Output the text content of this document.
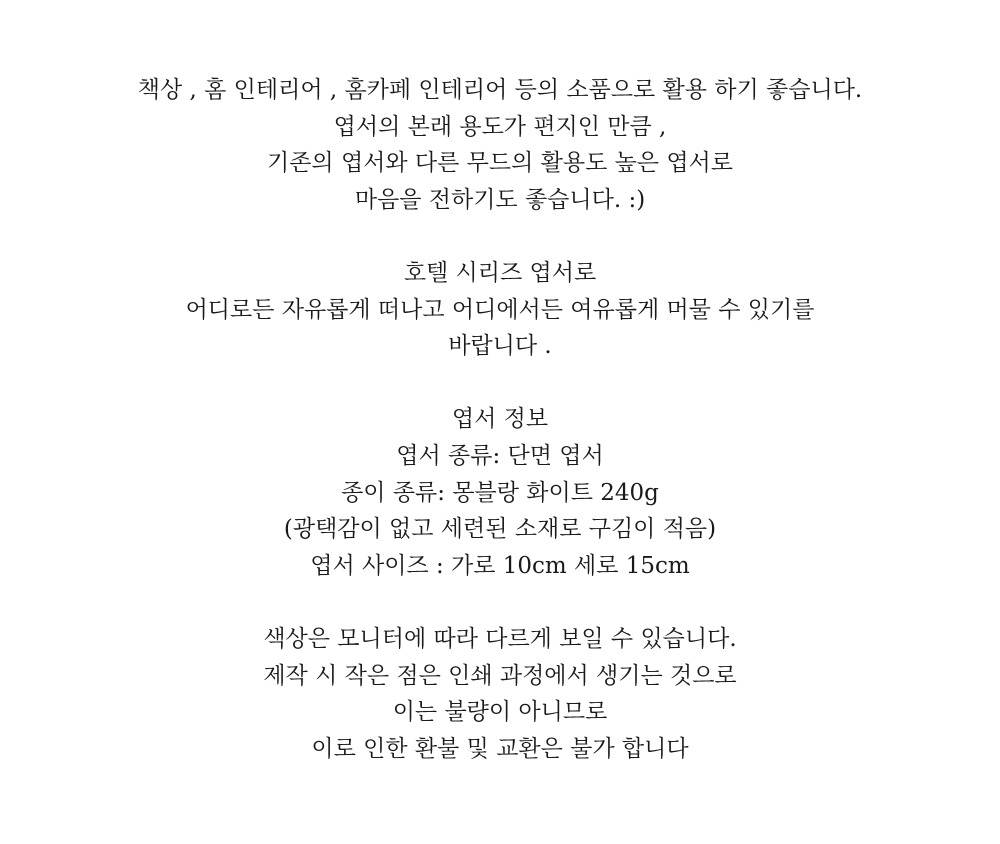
책상 , 홈 인테리어 , 홈카페 인테리어 등의 소품으로 활용 하기 좋습니다.
엽서의 본래 용도가 편지인 만큼 ,
기존의 엽서와 다른 무드의 활용도 높은 엽서로
마음을 전하기도 좋습니다. :)

호텔 시리즈 엽서로
어디로든 자유롭게 떠나고 어디에서든 여유롭게 머물 수 있기를
바랍니다 .

엽서 정보
엽서 종류: 단면 엽서
종이 종류: 몽블랑 화이트 240g
(광택감이 없고 세련된 소재로 구김이 적음)
엽서 사이즈 : 가로 10cm 세로 15cm

색상은 모니터에 따라 다르게 보일 수 있습니다.
제작 시 작은 점은 인쇄 과정에서 생기는 것으로
이는 불량이 아니므로
이로 인한 환불 및 교환은 불가 합니다
